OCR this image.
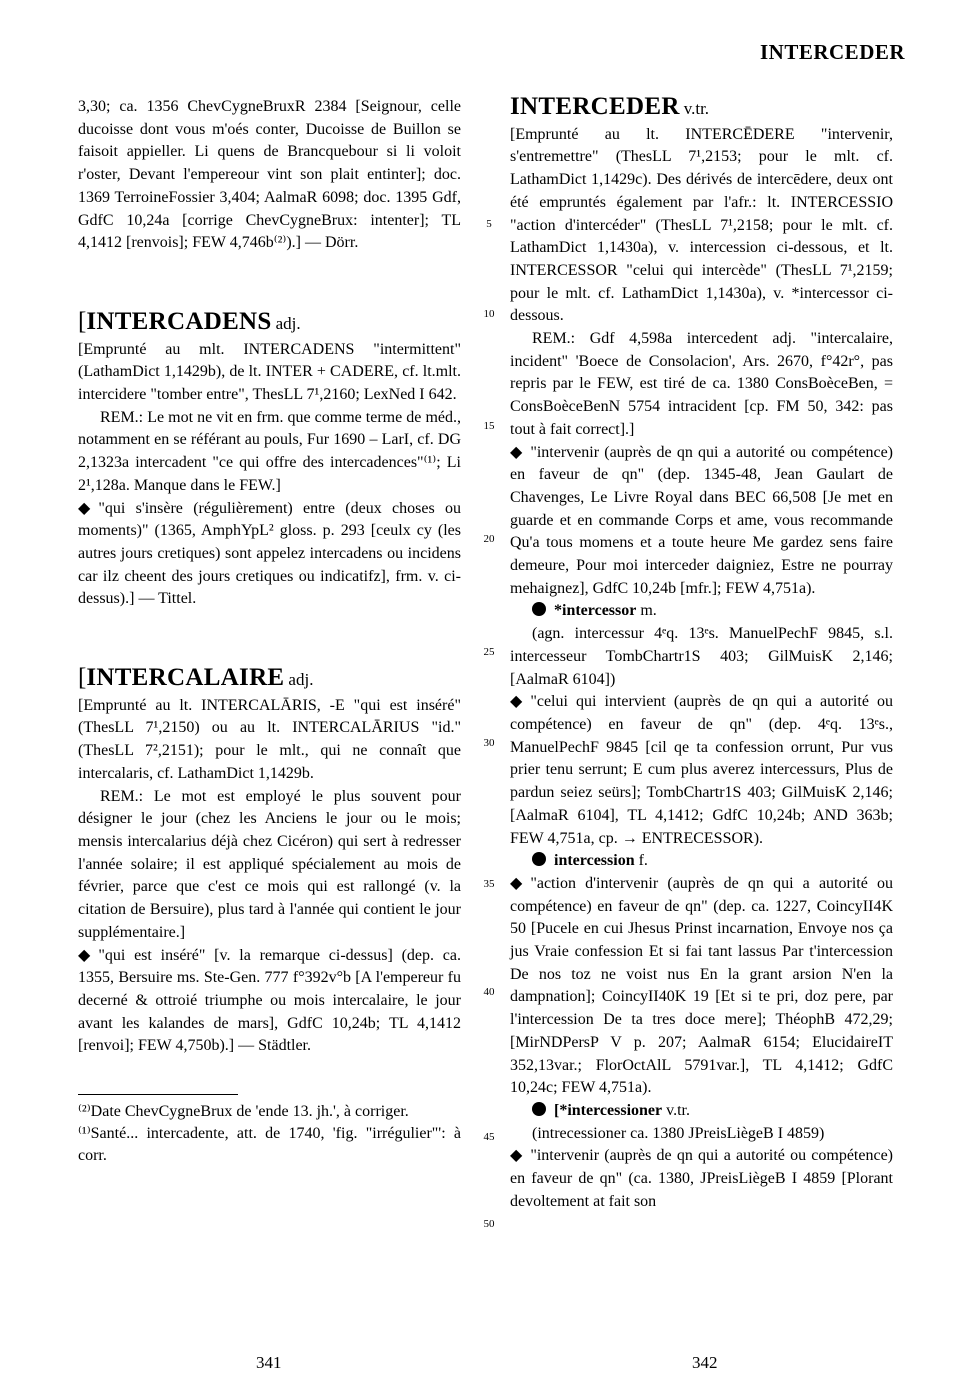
INTERCEDER

3,30; ca. 1356 ChevCygneBruxR 2384 [Seignour, celle ducoisse dont vous m'oés conter, Ducoisse de Buillon se faisoit appieller. Li quens de Brancquebour si li voloit r'oster, Devant l'empereour vint son plait entinter]; doc. 1369 TerroineFossier 3,404; AalmaR 6098; doc. 1395 Gdf, GdfC 10,24a [corrige ChevCygneBrux: intenter]; TL 4,1412 [renvois]; FEW 4,746b⁽²⁾).] — Dörr.

[INTERCADENS adj.

[Emprunté au mlt. INTERCADENS "intermittent" (LathamDict 1,1429b), de lt. INTER + CADERE, cf. lt.mlt. intercidere "tomber entre", ThesLL 7¹,2160; LexNed I 642.

REM.: Le mot ne vit en frm. que comme terme de méd., notamment en se référant au pouls, Fur 1690 – LarI, cf. DG 2,1323a intercadent "ce qui offre des intercadences"⁽¹⁾; Li 2¹,128a. Manque dans le FEW.]

◆ "qui s'insère (régulièrement) entre (deux choses ou moments)" (1365, AmphYpL² gloss. p. 293 [ceulx cy (les autres jours cretiques) sont appelez intercadens ou incidens car ilz cheent des jours cretiques ou indicatifz], frm. v. ci-dessus).] — Tittel.

[INTERCALAIRE adj.

[Emprunté au lt. INTERCALĀRIS, -E "qui est inséré" (ThesLL 7¹,2150) ou au lt. INTERCALĀRIUS "id." (ThesLL 7²,2151); pour le mlt., qui ne connaît que intercalaris, cf. LathamDict 1,1429b.

REM.: Le mot est employé le plus souvent pour désigner le jour (chez les Anciens le jour ou le mois; mensis intercalarius déjà chez Cicéron) qui sert à redresser l'année solaire; il est appliqué spécialement au mois de février, parce que c'est ce mois qui est rallongé (v. la citation de Bersuire), plus tard à l'année qui contient le jour supplémentaire.]

◆ "qui est inséré" [v. la remarque ci-dessus] (dep. ca. 1355, Bersuire ms. Ste-Gen. 777 f°392v°b [A l'empereur fu decerné & ottroié triumphe ou mois intercalaire, le jour avant les kalandes de mars], GdfC 10,24b; TL 4,1412 [renvoi]; FEW 4,750b).] — Städtler.

⁽²⁾Date ChevCygneBrux de 'ende 13. jh.', à corriger.

⁽¹⁾Santé... intercadente, att. de 1740, 'fig. "irrégulier"': à corr.

5
10
15
20
25
30
35
40
45
50
INTERCEDER v.tr.

[Emprunté au lt. INTERCĒDERE "intervenir, s'entremettre" (ThesLL 7¹,2153; pour le mlt. cf. LathamDict 1,1429c). Des dérivés de intercēdere, deux ont été empruntés également par l'afr.: lt. INTERCESSIO "action d'intercéder" (ThesLL 7¹,2158; pour le mlt. cf. LathamDict 1,1430a), v. intercession ci-dessous, et lt. INTERCESSOR "celui qui intercède" (ThesLL 7¹,2159; pour le mlt. cf. LathamDict 1,1430a), v. *intercessor ci-dessous.

REM.: Gdf 4,598a intercedent adj. "intercalaire, incident" 'Boece de Consolacion', Ars. 2670, f°42r°, pas repris par le FEW, est tiré de ca. 1380 ConsBoèceBen, = ConsBoèceBenN 5754 intracident [cp. FM 50, 342: pas tout à fait correct].]

◆ "intervenir (auprès de qn qui a autorité ou compétence) en faveur de qn" (dep. 1345-48, Jean Gaulart de Chavenges, Le Livre Royal dans BEC 66,508 [Je met en guarde et en commande Corps et ame, vous recommande Qu'a tous momens et a toute heure Me gardez sens faire demeure, Pour moi interceder daigniez, Estre ne pourray mehaignez], GdfC 10,24b [mfr.]; FEW 4,751a).

*intercessor m.

(agn. intercessur 4ᵉq. 13ᵉs. ManuelPechF 9845, s.l. intercesseur TombChartr1S 403; GilMuisK 2,146; [AalmaR 6104])

◆ "celui qui intervient (auprès de qn qui a autorité ou compétence) en faveur de qn" (dep. 4ᵉq. 13ᵉs., ManuelPechF 9845 [cil qe ta confession orrunt, Pur vus prier tenu serrunt; E cum plus averez intercessurs, Plus de pardun seiez seürs]; TombChartr1S 403; GilMuisK 2,146; [AalmaR 6104], TL 4,1412; GdfC 10,24b; AND 363b; FEW 4,751a, cp. → ENTRECESSOR).

intercession f.

◆ "action d'intervenir (auprès de qn qui a autorité ou compétence) en faveur de qn" (dep. ca. 1227, CoincyII4K 50 [Pucele en cui Jhesus Prinst incarnation, Envoye nos ça jus Vraie confession Et si fai tant lassus Par t'intercession De nos toz ne voist nus En la grant arsion N'en la dampnation]; CoincyII40K 19 [Et si te pri, doz pere, par l'intercession De ta tres doce mere]; ThéophB 472,29; [MirNDPersP V p. 207; AalmaR 6154; ElucidaireIT 352,13var.; FlorOctAlL 5791var.], TL 4,1412; GdfC 10,24c; FEW 4,751a).

[*intercessioner v.tr.

(intrecessioner ca. 1380 JPreisLiègeB I 4859)

◆ "intervenir (auprès de qn qui a autorité ou compétence) en faveur de qn" (ca. 1380, JPreisLiègeB I 4859 [Plorant devoltement at fait son

341	342
